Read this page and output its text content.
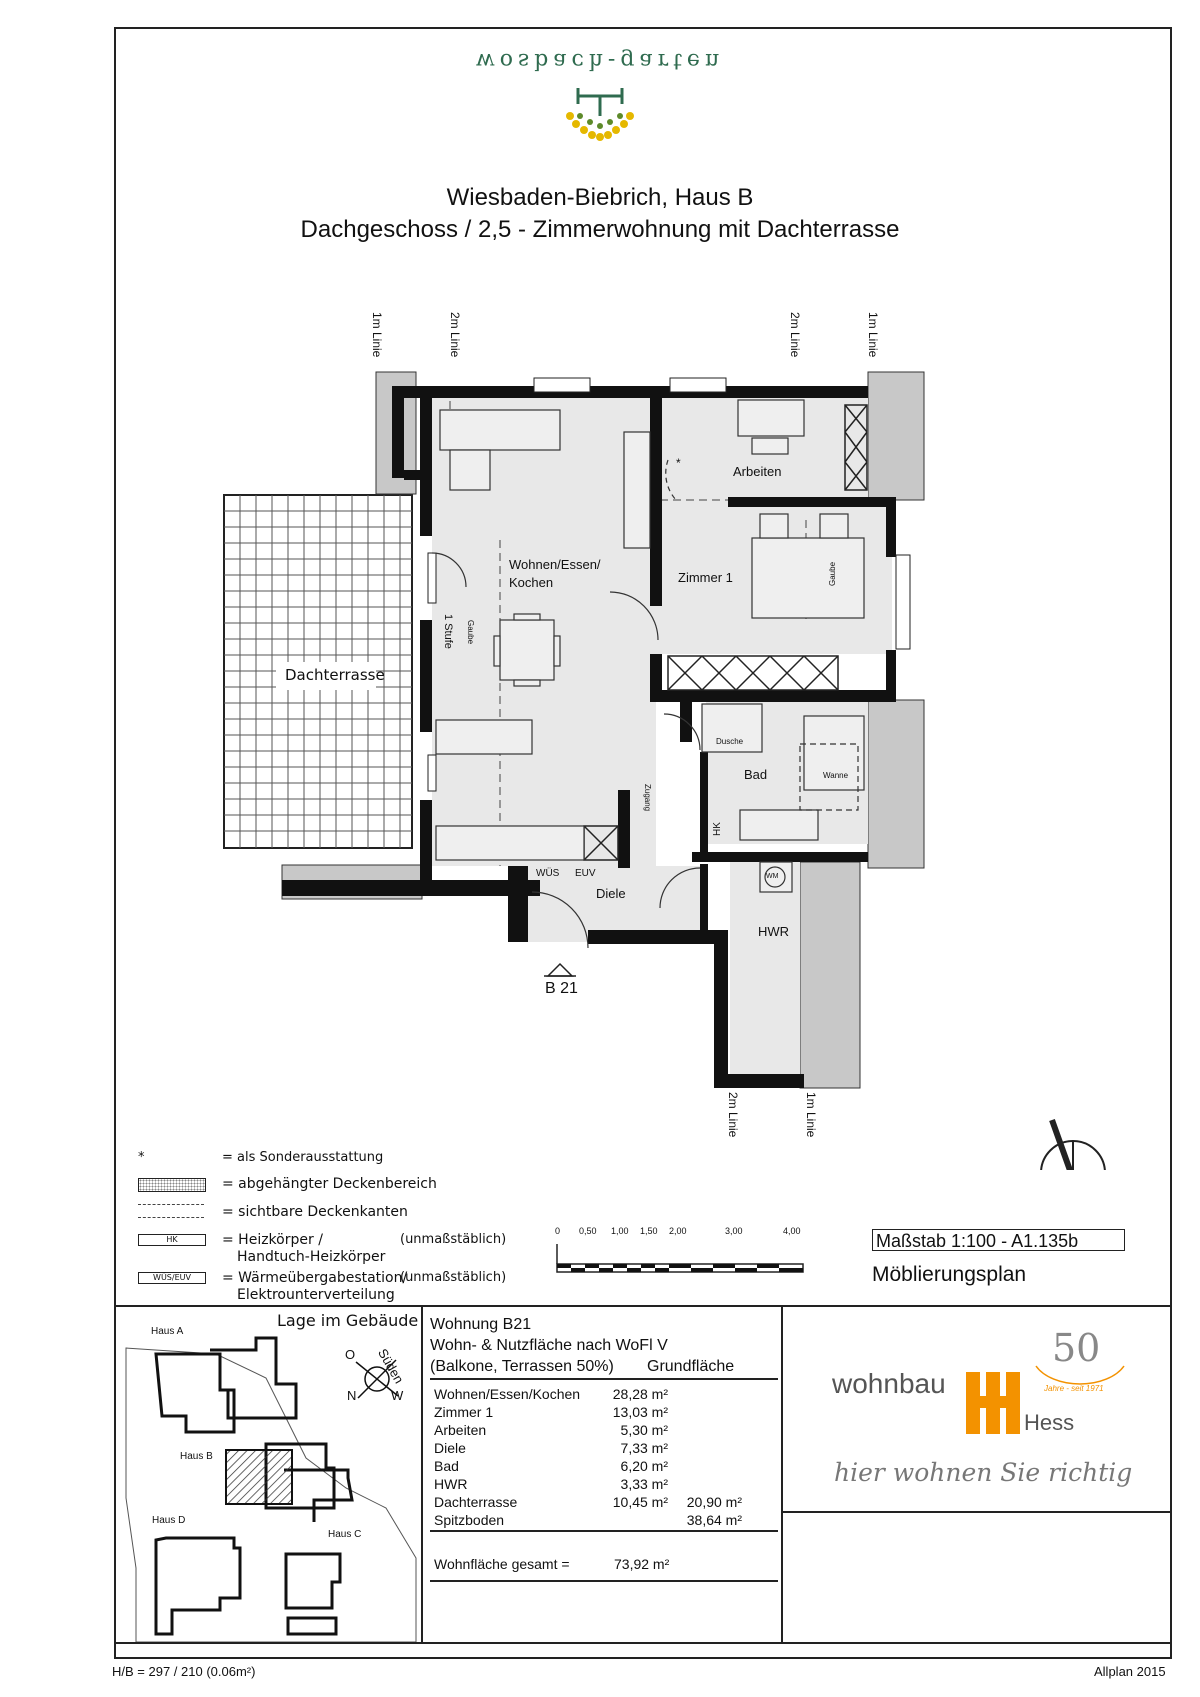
wosbach-garten
Wiesbaden-Biebrich, Haus B
Dachgeschoss / 2,5 - Zimmerwohnung mit Dachterrasse
1m Linie	2m Linie	2m Linie	1m Linie
2m Linie	1m Linie
Wohnen/Essen/
Kochen	Zimmer 1
Arbeiten
Bad
Diele
HWR
Dachterrasse
Dusche
Wanne
Gaube
Gaube
1 Stufe
WÜS EUV	WM
HK
*
Zugang
B 21
*	= als Sonderausstattung
= abgehängter Deckenbereich
= sichtbare Deckenkanten
HK	= Heizkörper /
Handtuch-Heizkörper
(unmaßstäblich)
WÜS/EUV	= Wärmeübergabestation/
Elektrounterverteilung
(unmaßstäblich)
0 0,50 1,00 1,50 2,00	3,00	4,00	Maßstab 1:100 - A1.135b
Möblierungsplan
Lage im Gebäude
Haus A
Haus B
Haus C
Haus D
Süden
O
N	W
Wohnung B21
Wohn- & Nutzfläche nach WoFl V
(Balkone, Terrassen 50%) Grundfläche
Wohnen/Essen/Kochen	28,28 m²	
Zimmer 1	13,03 m²	
Arbeiten	5,30 m²	
Diele	7,33 m²	
Bad	6,20 m²	
HWR	3,33 m²	
Dachterrasse	10,45 m²	20,90 m²
Spitzboden		38,64 m²
Wohnfläche gesamt =	73,92 m²
wohnbau
Hess
50
Jahre - seit 1971
hier wohnen Sie richtig
H/B = 297 / 210 (0.06m²)	Allplan 2015
